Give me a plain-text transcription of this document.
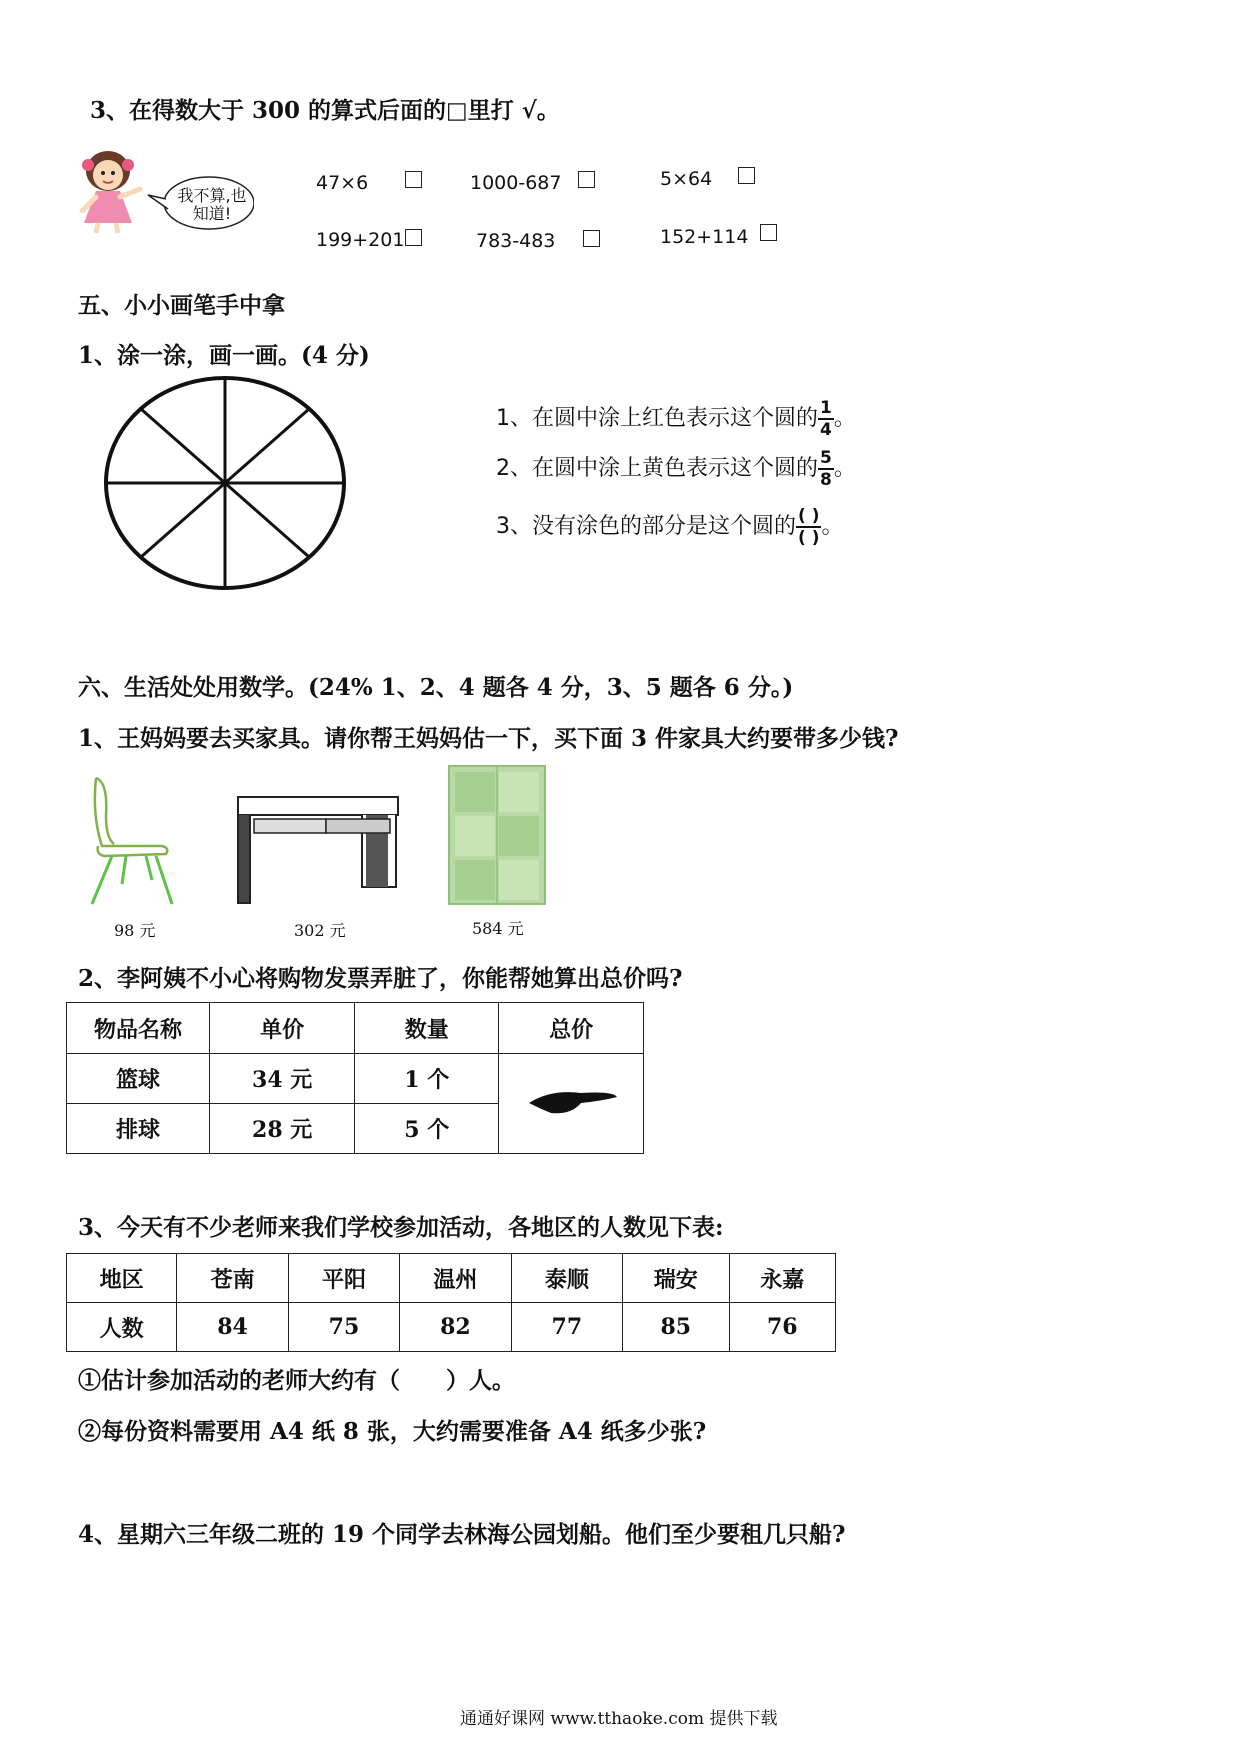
3、在得数大于 300 的算式后面的□里打 √。
我不算,也
知道!
47×6	1000-687	5×64
199+201	783-483	152+114
五、小小画笔手中拿
1、涂一涂，画一画。(4 分)
1、在圆中涂上红色表示这个圆的 $\frac{1}{4}$ 。
2、在圆中涂上黄色表示这个圆的 $\frac{5}{8}$ 。
3、没有涂色的部分是这个圆的 $\frac{( )}{( )}$ 。
六、生活处处用数学。(24% 1、2、4 题各 4 分，3、5 题各 6 分。)
1、王妈妈要去买家具。请你帮王妈妈估一下，买下面 3 件家具大约要带多少钱?
98 元	302 元	584 元
2、李阿姨不小心将购物发票弄脏了，你能帮她算出总价吗?
物品名称	单价	数量	总价
篮球	34 元	1 个	
排球	28 元	5 个	
3、今天有不少老师来我们学校参加活动，各地区的人数见下表:
地区	苍南	平阳	温州	泰顺	瑞安	永嘉
人数	84	75	82	77	85	76
①估计参加活动的老师大约有（　　）人。
②每份资料需要用 A4 纸 8 张，大约需要准备 A4 纸多少张?
4、星期六三年级二班的 19 个同学去林海公园划船。他们至少要租几只船?
通通好课网 www.tthaoke.com 提供下载
